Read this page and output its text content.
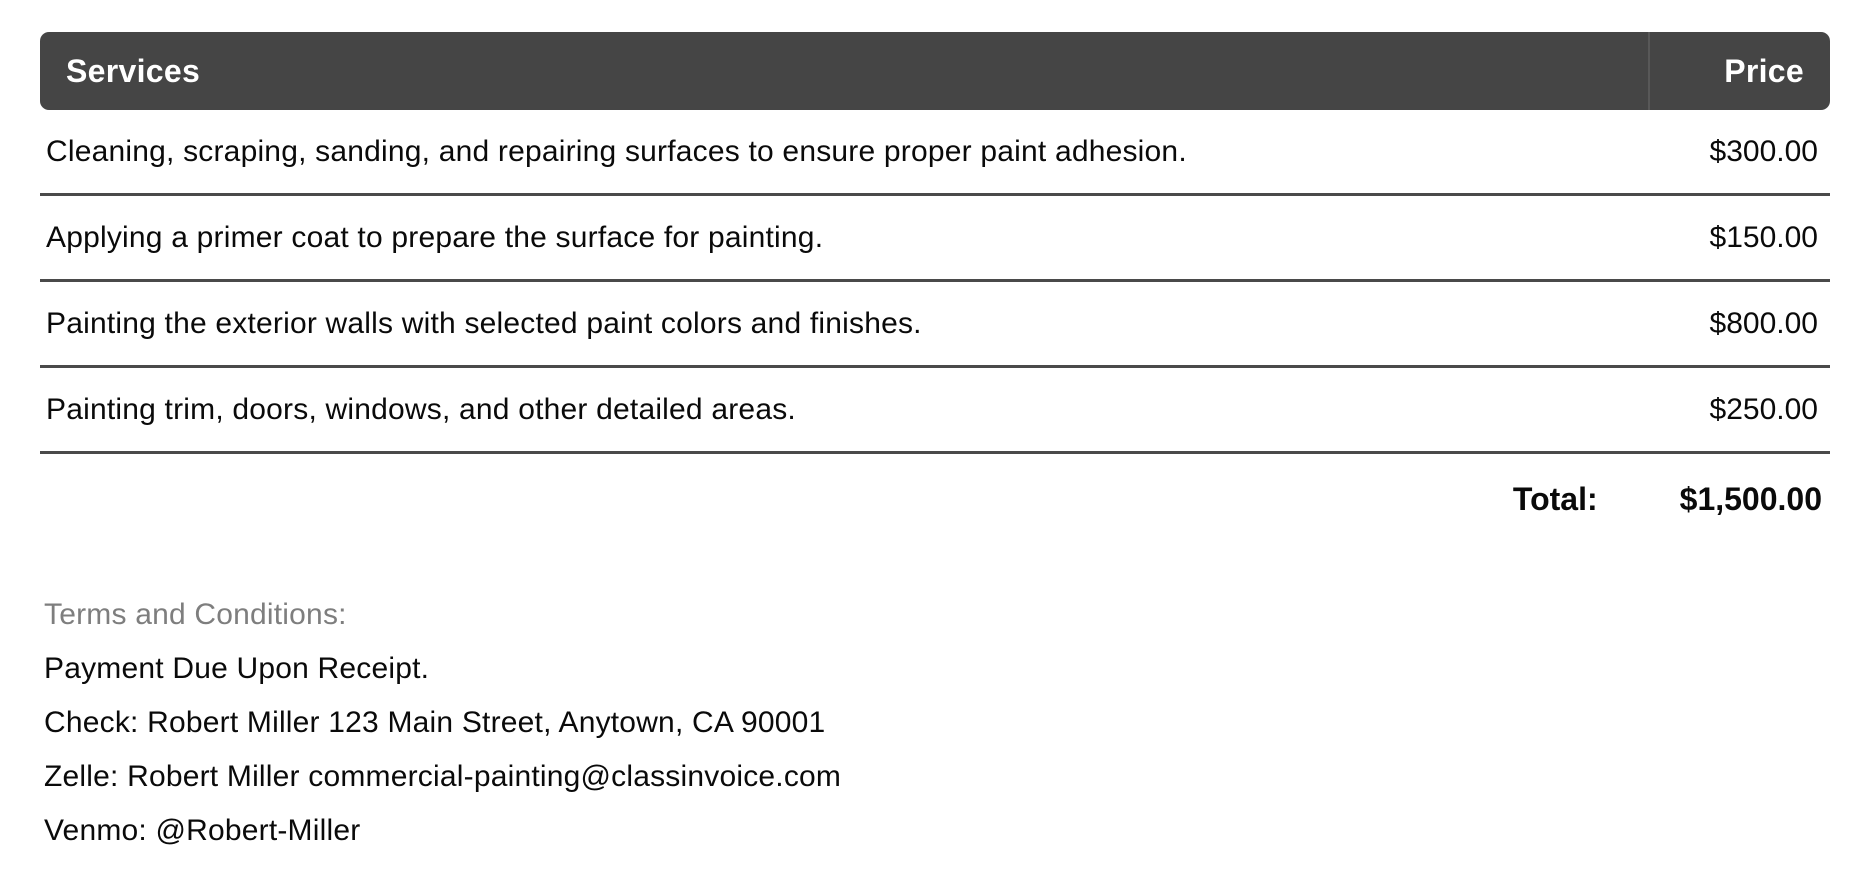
Services	Price
Cleaning, scraping, sanding, and repairing surfaces to ensure proper paint adhesion.	$300.00
Applying a primer coat to prepare the surface for painting.	$150.00
Painting the exterior walls with selected paint colors and finishes.	$800.00
Painting trim, doors, windows, and other detailed areas.	$250.00
Total:	$1,500.00
Terms and Conditions:
Payment Due Upon Receipt.
Check: Robert Miller 123 Main Street, Anytown, CA 90001
Zelle: Robert Miller commercial-painting@classinvoice.com
Venmo: @Robert-Miller
